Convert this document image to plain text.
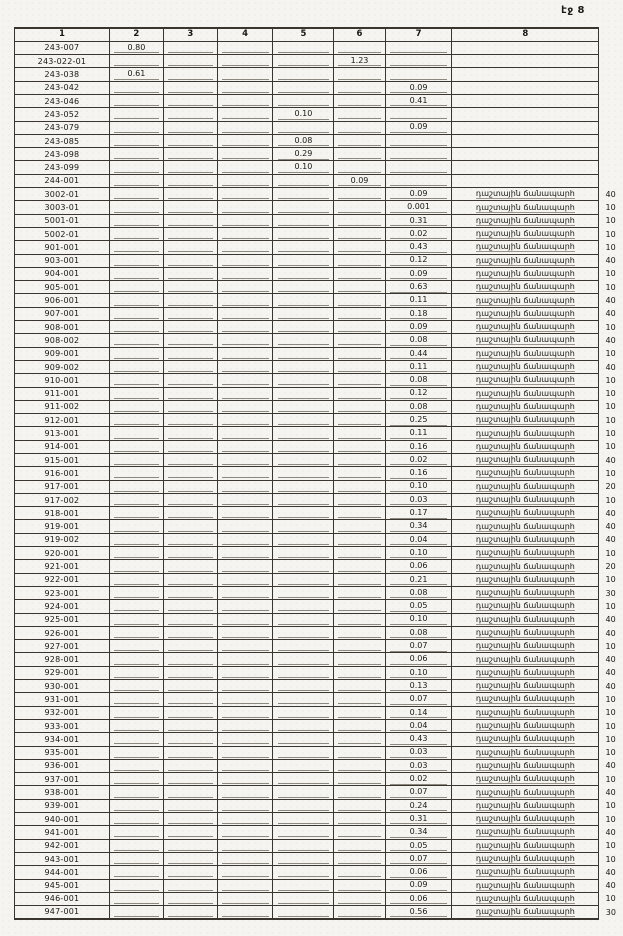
էջ 8
1	2	3	4	5	6	7	8	
243-007	0.80							

243-022-01					1.23			

243-038	0.61							

243-042						0.09		

243-046						0.41		

243-052				0.10				

243-079						0.09		

243-085				0.08				

243-098				0.29				

243-099				0.10				

244-001					0.09			

3002-01						0.09	դաշտային ճանապարհ	40
3003-01						0.001	դաշտային ճանապարհ	10
5001-01						0.31	դաշտային ճանապարհ	10
5002-01						0.02	դաշտային ճանապարհ	10
901-001						0.43	դաշտային ճանապարհ	10
903-001						0.12	դաշտային ճանապարհ	40
904-001						0.09	դաշտային ճանապարհ	10
905-001						0.63	դաշտային ճանապարհ	10
906-001						0.11	դաշտային ճանապարհ	40
907-001						0.18	դաշտային ճանապարհ	40
908-001						0.09	դաշտային ճանապարհ	10
908-002						0.08	դաշտային ճանապարհ	40
909-001						0.44	դաշտային ճանապարհ	10
909-002						0.11	դաշտային ճանապարհ	40
910-001						0.08	դաշտային ճանապարհ	10
911-001						0.12	դաշտային ճանապարհ	10
911-002						0.08	դաշտային ճանապարհ	10
912-001						0.25	դաշտային ճանապարհ	10
913-001						0.11	դաշտային ճանապարհ	10
914-001						0.16	դաշտային ճանապարհ	10
915-001						0.02	դաշտային ճանապարհ	40
916-001						0.16	դաշտային ճանապարհ	10
917-001						0.10	դաշտային ճանապարհ	20
917-002						0.03	դաշտային ճանապարհ	10
918-001						0.17	դաշտային ճանապարհ	40
919-001						0.34	դաշտային ճանապարհ	40
919-002						0.04	դաշտային ճանապարհ	40
920-001						0.10	դաշտային ճանապարհ	10
921-001						0.06	դաշտային ճանապարհ	20
922-001						0.21	դաշտային ճանապարհ	10
923-001						0.08	դաշտային ճանապարհ	30
924-001						0.05	դաշտային ճանապարհ	10
925-001						0.10	դաշտային ճանապարհ	40
926-001						0.08	դաշտային ճանապարհ	40
927-001						0.07	դաշտային ճանապարհ	10
928-001						0.06	դաշտային ճանապարհ	40
929-001						0.10	դաշտային ճանապարհ	40
930-001						0.13	դաշտային ճանապարհ	40
931-001						0.07	դաշտային ճանապարհ	10
932-001						0.14	դաշտային ճանապարհ	10
933-001						0.04	դաշտային ճանապարհ	10
934-001						0.43	դաշտային ճանապարհ	10
935-001						0.03	դաշտային ճանապարհ	10
936-001						0.03	դաշտային ճանապարհ	40
937-001						0.02	դաշտային ճանապարհ	10
938-001						0.07	դաշտային ճանապարհ	40
939-001						0.24	դաշտային ճանապարհ	10
940-001						0.31	դաշտային ճանապարհ	10
941-001						0.34	դաշտային ճանապարհ	40
942-001						0.05	դաշտային ճանապարհ	10
943-001						0.07	դաշտային ճանապարհ	10
944-001						0.06	դաշտային ճանապարհ	40
945-001						0.09	դաշտային ճանապարհ	40
946-001						0.06	դաշտային ճանապարհ	10
947-001						0.56	դաշտային ճանապարհ	30
